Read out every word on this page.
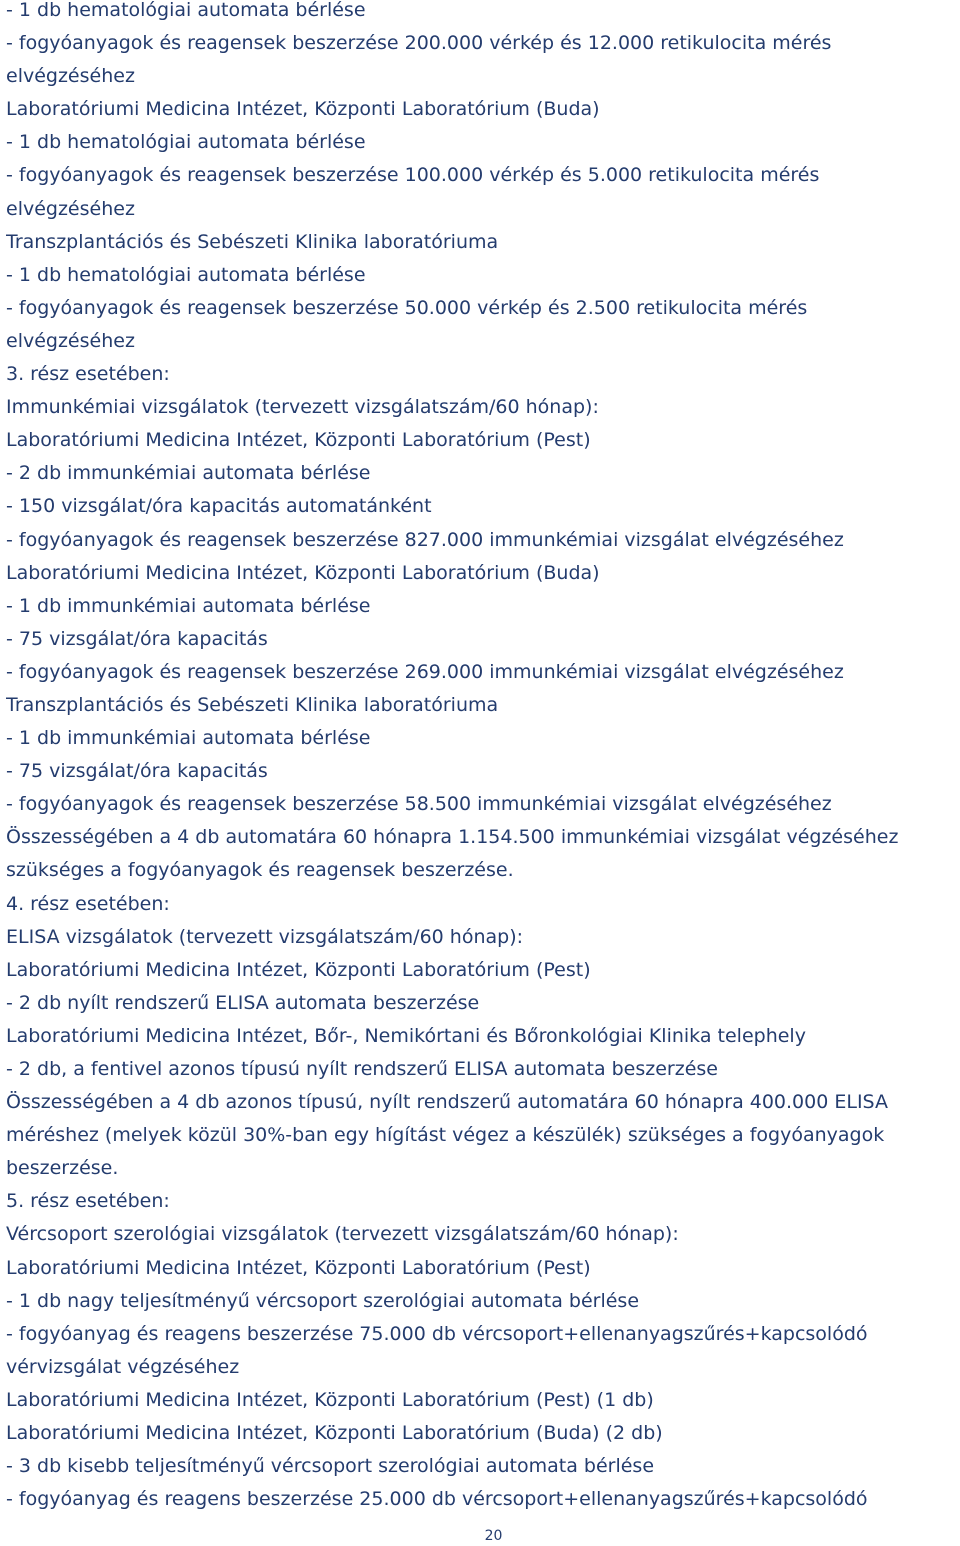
- 1 db hematológiai automata bérlése
- fogyóanyagok és reagensek beszerzése 200.000 vérkép és 12.000 retikulocita mérés
elvégzéséhez
Laboratóriumi Medicina Intézet, Központi Laboratórium (Buda)
- 1 db hematológiai automata bérlése
- fogyóanyagok és reagensek beszerzése 100.000 vérkép és 5.000 retikulocita mérés
elvégzéséhez
Transzplantációs és Sebészeti Klinika laboratóriuma
- 1 db hematológiai automata bérlése
- fogyóanyagok és reagensek beszerzése 50.000 vérkép és 2.500 retikulocita mérés
elvégzéséhez
3. rész esetében:
Immunkémiai vizsgálatok (tervezett vizsgálatszám/60 hónap):
Laboratóriumi Medicina Intézet, Központi Laboratórium (Pest)
- 2 db immunkémiai automata bérlése
- 150 vizsgálat/óra kapacitás automatánként
- fogyóanyagok és reagensek beszerzése 827.000 immunkémiai vizsgálat elvégzéséhez
Laboratóriumi Medicina Intézet, Központi Laboratórium (Buda)
- 1 db immunkémiai automata bérlése
- 75 vizsgálat/óra kapacitás
- fogyóanyagok és reagensek beszerzése 269.000 immunkémiai vizsgálat elvégzéséhez
Transzplantációs és Sebészeti Klinika laboratóriuma
- 1 db immunkémiai automata bérlése
- 75 vizsgálat/óra kapacitás
- fogyóanyagok és reagensek beszerzése 58.500 immunkémiai vizsgálat elvégzéséhez
Összességében a 4 db automatára 60 hónapra 1.154.500 immunkémiai vizsgálat végzéséhez
szükséges a fogyóanyagok és reagensek beszerzése.
4. rész esetében:
ELISA vizsgálatok (tervezett vizsgálatszám/60 hónap):
Laboratóriumi Medicina Intézet, Központi Laboratórium (Pest)
- 2 db nyílt rendszerű ELISA automata beszerzése
Laboratóriumi Medicina Intézet, Bőr-, Nemikórtani és Bőronkológiai Klinika telephely
- 2 db, a fentivel azonos típusú nyílt rendszerű ELISA automata beszerzése
Összességében a 4 db azonos típusú, nyílt rendszerű automatára 60 hónapra 400.000 ELISA
méréshez (melyek közül 30%-ban egy hígítást végez a készülék) szükséges a fogyóanyagok
beszerzése.
5. rész esetében:
Vércsoport szerológiai vizsgálatok (tervezett vizsgálatszám/60 hónap):
Laboratóriumi Medicina Intézet, Központi Laboratórium (Pest)
- 1 db nagy teljesítményű vércsoport szerológiai automata bérlése
- fogyóanyag és reagens beszerzése 75.000 db vércsoport+ellenanyagszűrés+kapcsolódó
vérvizsgálat végzéséhez
Laboratóriumi Medicina Intézet, Központi Laboratórium (Pest) (1 db)
Laboratóriumi Medicina Intézet, Központi Laboratórium (Buda) (2 db)
- 3 db kisebb teljesítményű vércsoport szerológiai automata bérlése
- fogyóanyag és reagens beszerzése 25.000 db vércsoport+ellenanyagszűrés+kapcsolódó
20
